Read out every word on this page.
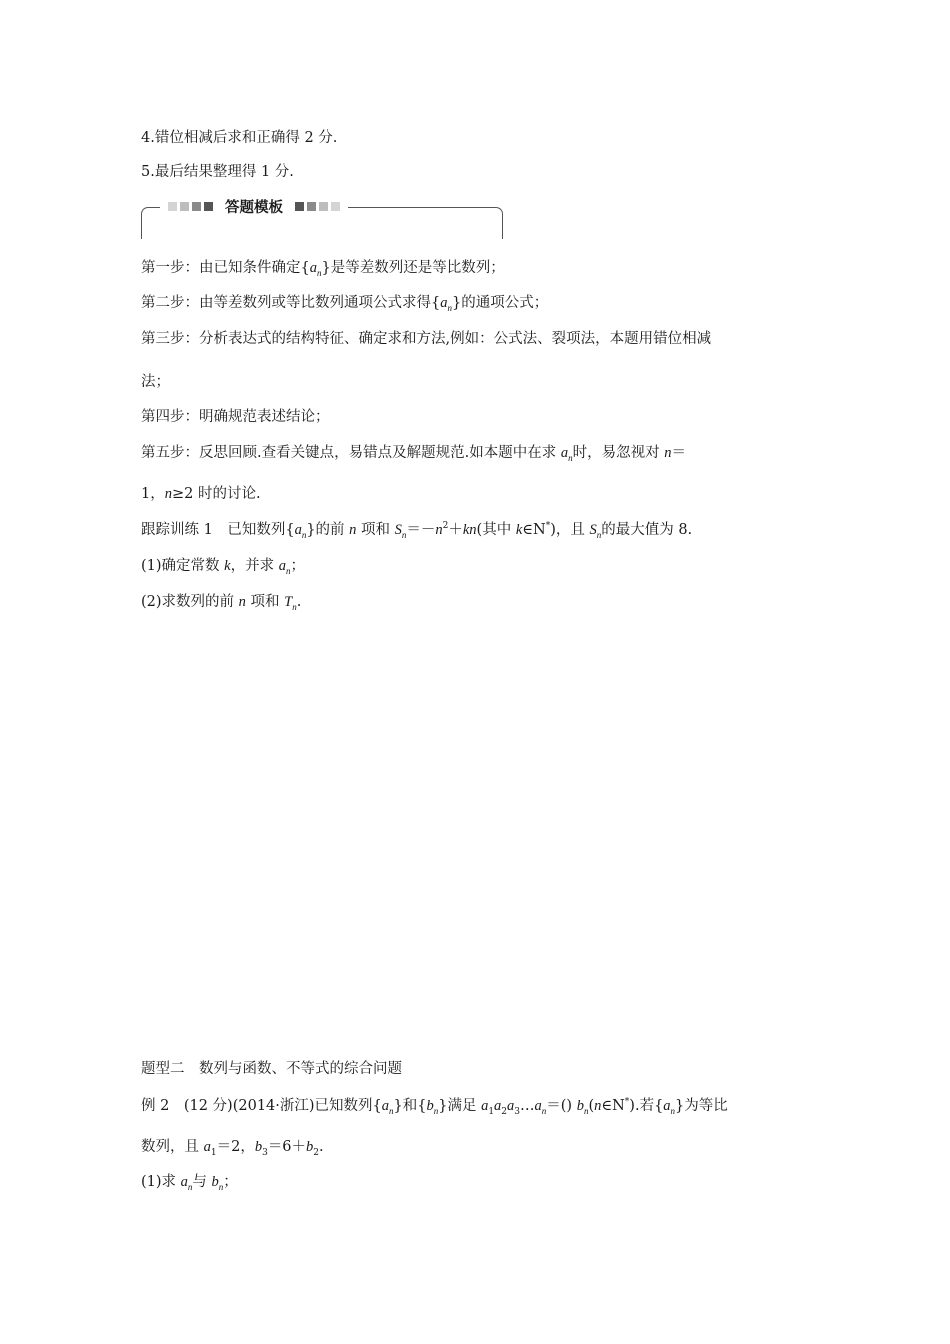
4.错位相减后求和正确得 2 分.
5.最后结果整理得 1 分.
答题模板
第一步：由已知条件确定$\{a_n\}$是等差数列还是等比数列；
第二步：由等差数列或等比数列通项公式求得$\{a_n\}$的通项公式；
第三步：分析表达式的结构特征、确定求和方法,例如：公式法、裂项法，本题用错位相减
法；
第四步：明确规范表述结论；
第五步：反思回顾.查看关键点，易错点及解题规范.如本题中在求 $a_n$时，易忽视对 n＝
1，n≥2 时的讨论.
跟踪训练 1　已知数列$\{a_n\}$的前 n 项和 $S_n=-n^2+kn$(其中 k∈N*)，且 $S_n$的最大值为 8.
(1)确定常数 k，并求 $a_n$；
(2)求数列的前 n 项和 $T_n$.
题型二　数列与函数、不等式的综合问题
例 2　(12 分)(2014·浙江)已知数列$\{a_n\}$和$\{b_n\}$满足 $a_1a_2a_3\dots a_n=()$ $b_n(n\in N^*)$.若$\{a_n\}$为等比
数列，且 $a_1=2$，$b_3=6+b_2$.
(1)求 $a_n$与 $b_n$；
